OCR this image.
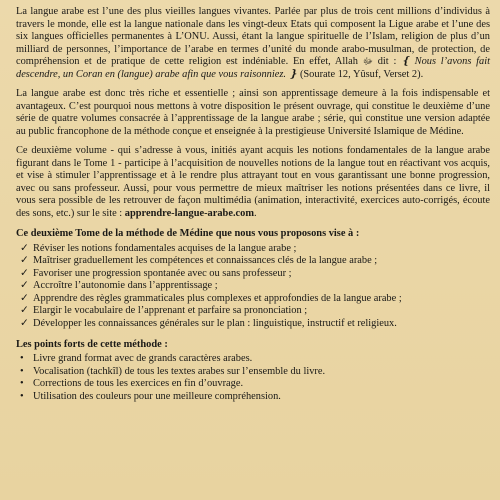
La langue arabe est l’une des plus vieilles langues vivantes. Parlée par plus de trois cent millions d’individus à travers le monde, elle est la langue nationale dans les vingt-deux Etats qui composent la Ligue arabe et l’une des six langues officielles permanentes à L’ONU. Aussi, étant la langue spirituelle de l’Islam, religion de plus d’un milliard de personnes, l’importance de l’arabe en termes d’unité du monde arabo-musulman, de protection, de compréhension et de pratique de cette religion est indéniable. En effet, Allah ﷻ dit : ❴ Nous l’avons fait descendre, un Coran en (langue) arabe afin que vous raisonniez. ❵ (Sourate 12, Yûsuf, Verset 2).

La langue arabe est donc très riche et essentielle ; ainsi son apprentissage demeure à la fois indispensable et avantageux. C’est pourquoi nous mettons à votre disposition le présent ouvrage, qui constitue le deuxième d’une série de quatre volumes consacrée à l’apprentissage de la langue arabe ; série, qui constitue une version adaptée au public francophone de la méthode conçue et enseignée à la prestigieuse Université Islamique de Médine.

Ce deuxième volume - qui s’adresse à vous, initiés ayant acquis les notions fondamentales de la langue arabe figurant dans le Tome 1 - participe à l’acquisition de nouvelles notions de la langue tout en réactivant vos acquis, et vise à stimuler l’apprentissage et à le rendre plus attrayant tout en vous garantissant une bonne progression, avec ou sans professeur. Aussi, pour vous permettre de mieux maîtriser les notions présentées dans ce livre, il vous sera possible de les retrouver de façon multimédia (animation, interactivité, exercices auto-corrigés, écoute des sons, etc.) sur le site : apprendre-langue-arabe.com.

Ce deuxième Tome de la méthode de Médine que nous vous proposons vise à :
✓ Réviser les notions fondamentales acquises de la langue arabe ;
✓ Maîtriser graduellement les compétences et connaissances clés de la langue arabe ;
✓ Favoriser une progression spontanée avec ou sans professeur ;
✓ Accroître l’autonomie dans l’apprentissage ;
✓ Apprendre des règles grammaticales plus complexes et approfondies de la langue arabe ;
✓ Elargir le vocabulaire de l’apprenant et parfaire sa prononciation ;
✓ Développer les connaissances générales sur le plan : linguistique, instructif et religieux.
Les points forts de cette méthode :
• Livre grand format avec de grands caractères arabes.
• Vocalisation (tachkîl) de tous les textes arabes sur l’ensemble du livre.
• Corrections de tous les exercices en fin d’ouvrage.
• Utilisation des couleurs pour une meilleure compréhension.
